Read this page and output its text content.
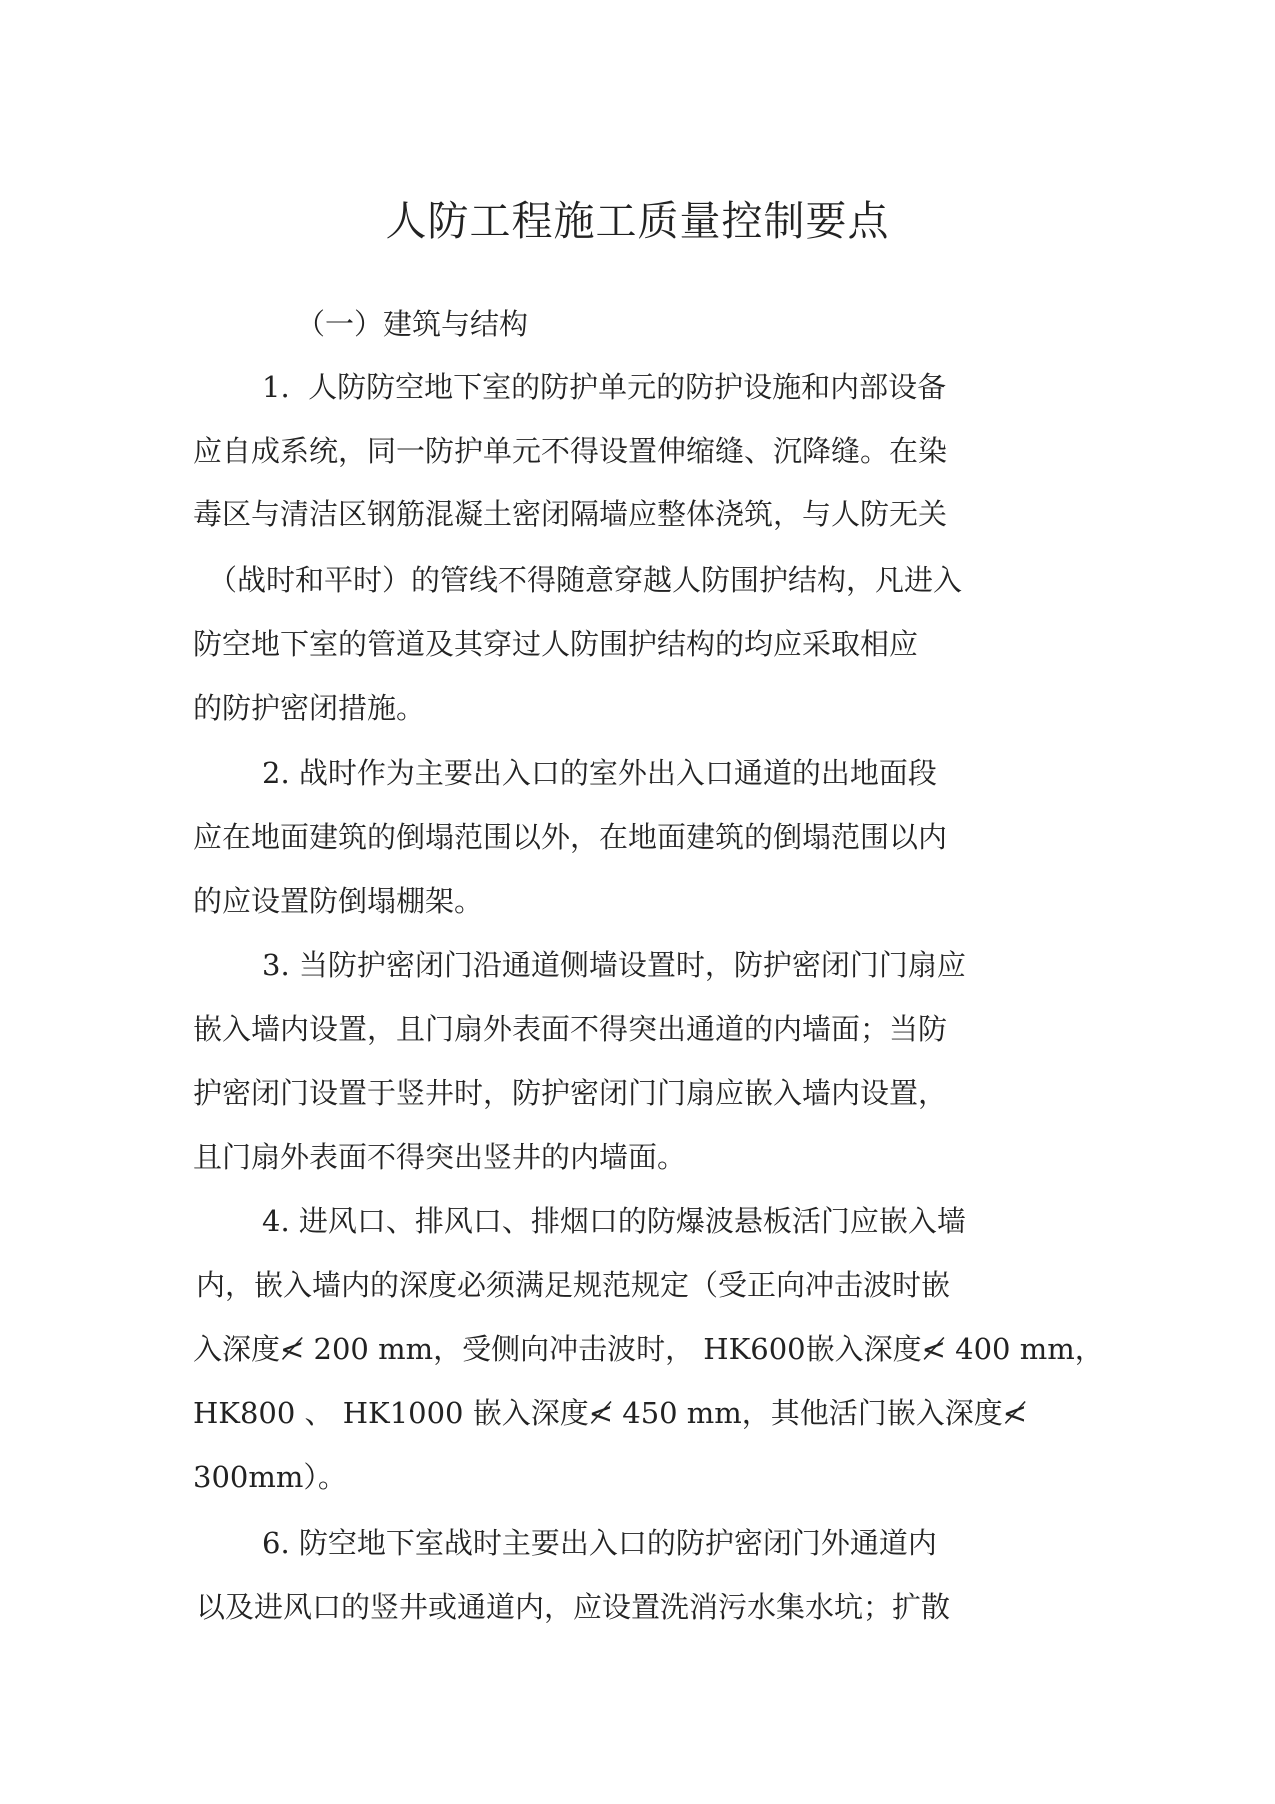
人防工程施工质量控制要点
（一）建筑与结构
1.  人防防空地下室的防护单元的防护设施和内部设备
应自成系统，同一防护单元不得设置伸缩缝、沉降缝。在染
毒区与清洁区钢筋混凝土密闭隔墙应整体浇筑，与人防无关
（战时和平时）的管线不得随意穿越人防围护结构，凡进入
防空地下室的管道及其穿过人防围护结构的均应采取相应
的防护密闭措施。
2. 战时作为主要出入口的室外出入口通道的出地面段
应在地面建筑的倒塌范围以外，在地面建筑的倒塌范围以内
的应设置防倒塌棚架。
3. 当防护密闭门沿通道侧墙设置时，防护密闭门门扇应
嵌入墙内设置，且门扇外表面不得突出通道的内墙面；当防
护密闭门设置于竖井时，防护密闭门门扇应嵌入墙内设置，
且门扇外表面不得突出竖井的内墙面。
4. 进风口、排风口、排烟口的防爆波悬板活门应嵌入墙
内，嵌入墙内的深度必须满足规范规定（受正向冲击波时嵌
入深度≮ 200 mm，受侧向冲击波时， HK600嵌入深度≮ 400 mm，
HK800 、 HK1000 嵌入深度≮ 450 mm，其他活门嵌入深度≮
300mm）。
6. 防空地下室战时主要出入口的防护密闭门外通道内
以及进风口的竖井或通道内，应设置洗消污水集水坑；扩散
